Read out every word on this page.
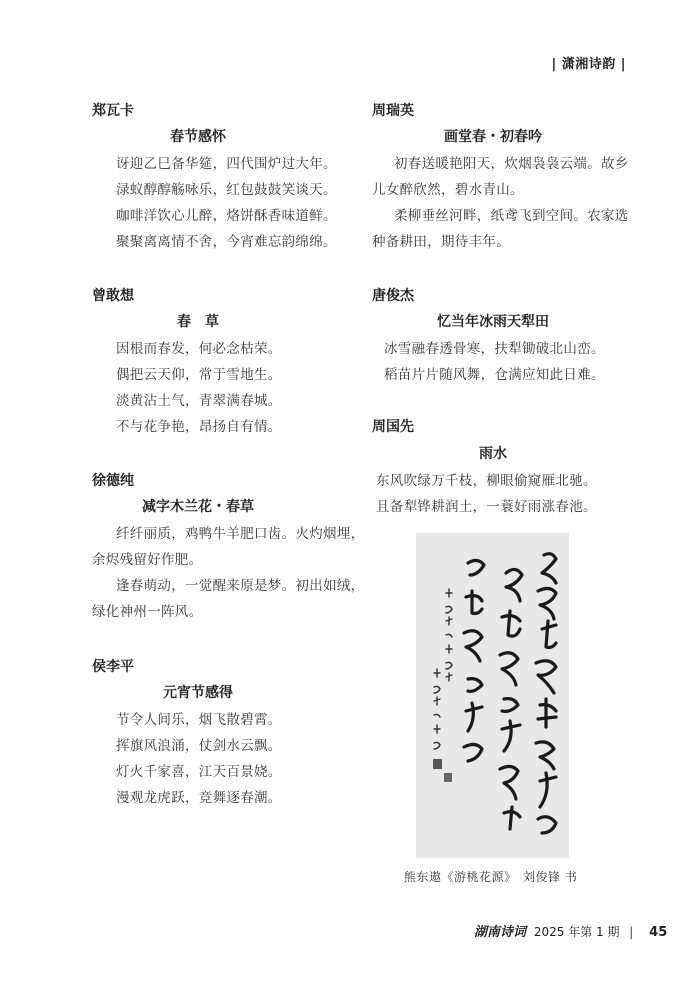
| 潇湘诗韵 |
郑瓦卡
春节感怀
讶迎乙巳备华筵，四代围炉过大年。
渌蚁醇醇觞咏乐，红包鼓鼓笑谈天。
咖啡洋饮心儿醉，烙饼酥香味道鲜。
聚聚离离情不舍，今宵难忘韵绵绵。
曾敢想
春　草
因根而春发，何必念枯荣。
偶把云天仰，常于雪地生。
淡黄沾土气，青翠满春城。
不与花争艳，昂扬自有情。
徐德纯
减字木兰花・春草
纤纤丽质，鸡鸭牛羊肥口齿。火灼烟埋，
余烬残留好作肥。
逢春萌动，一觉醒来原是梦。初出如绒，
绿化神州一阵风。
侯李平
元宵节感得
节令人间乐，烟飞散碧霄。
挥旗风浪涌，仗剑水云飘。
灯火千家喜，江天百景娆。
漫观龙虎跃，竞舞逐春潮。
周瑞英
画堂春・初春吟
初春送暖艳阳天，炊烟袅袅云端。故乡
儿女醉欣然，碧水青山。
柔柳垂丝河畔，纸鸢飞到空间。农家选
种备耕田，期待丰年。
唐俊杰
忆当年冰雨天犁田
冰雪融春透骨寒，扶犁锄破北山峦。
稻苗片片随风舞，仓满应知此日难。
周国先
雨水
东风吹绿万千枝，柳眼偷窥雁北驰。
且备犁铧耕润土，一蓑好雨涨春池。
熊东遨《游桃花源》　刘俊锋 书
湖南诗词 2025 年第 1 期 | 45
